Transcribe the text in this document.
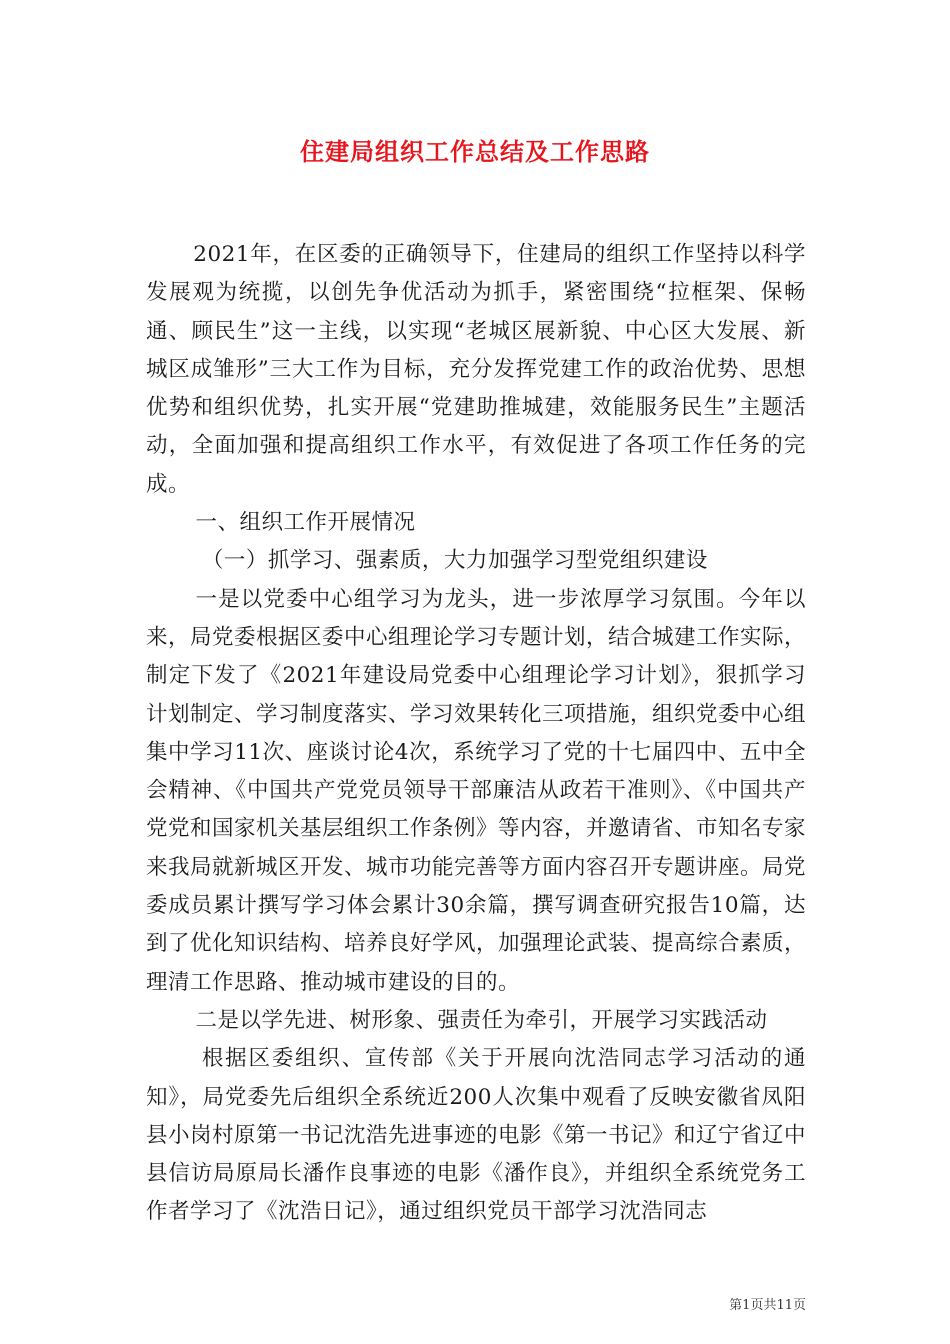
住建局组织工作总结及工作思路

2021年，在区委的正确领导下，住建局的组织工作坚持以科学发展观为统揽，以创先争优活动为抓手，紧密围绕“拉框架、保畅通、顾民生”这一主线，以实现“老城区展新貌、中心区大发展、新城区成雏形”三大工作为目标，充分发挥党建工作的政治优势、思想优势和组织优势，扎实开展“党建助推城建，效能服务民生”主题活动，全面加强和提高组织工作水平，有效促进了各项工作任务的完成。

一、组织工作开展情况

（一）抓学习、强素质，大力加强学习型党组织建设

一是以党委中心组学习为龙头，进一步浓厚学习氛围。今年以来，局党委根据区委中心组理论学习专题计划，结合城建工作实际，制定下发了《2021年建设局党委中心组理论学习计划》，狠抓学习计划制定、学习制度落实、学习效果转化三项措施，组织党委中心组集中学习11次、座谈讨论4次，系统学习了党的十七届四中、五中全会精神、《中国共产党党员领导干部廉洁从政若干准则》、《中国共产党党和国家机关基层组织工作条例》等内容，并邀请省、市知名专家来我局就新城区开发、城市功能完善等方面内容召开专题讲座。局党委成员累计撰写学习体会累计30余篇，撰写调查研究报告10篇，达到了优化知识结构、培养良好学风，加强理论武装、提高综合素质，理清工作思路、推动城市建设的目的。

二是以学先进、树形象、强责任为牵引，开展学习实践活动

根据区委组织、宣传部《关于开展向沈浩同志学习活动的通知》，局党委先后组织全系统近200人次集中观看了反映安徽省凤阳县小岗村原第一书记沈浩先进事迹的电影《第一书记》和辽宁省辽中县信访局原局长潘作良事迹的电影《潘作良》，并组织全系统党务工作者学习了《沈浩日记》，通过组织党员干部学习沈浩同志

第1页共11页
